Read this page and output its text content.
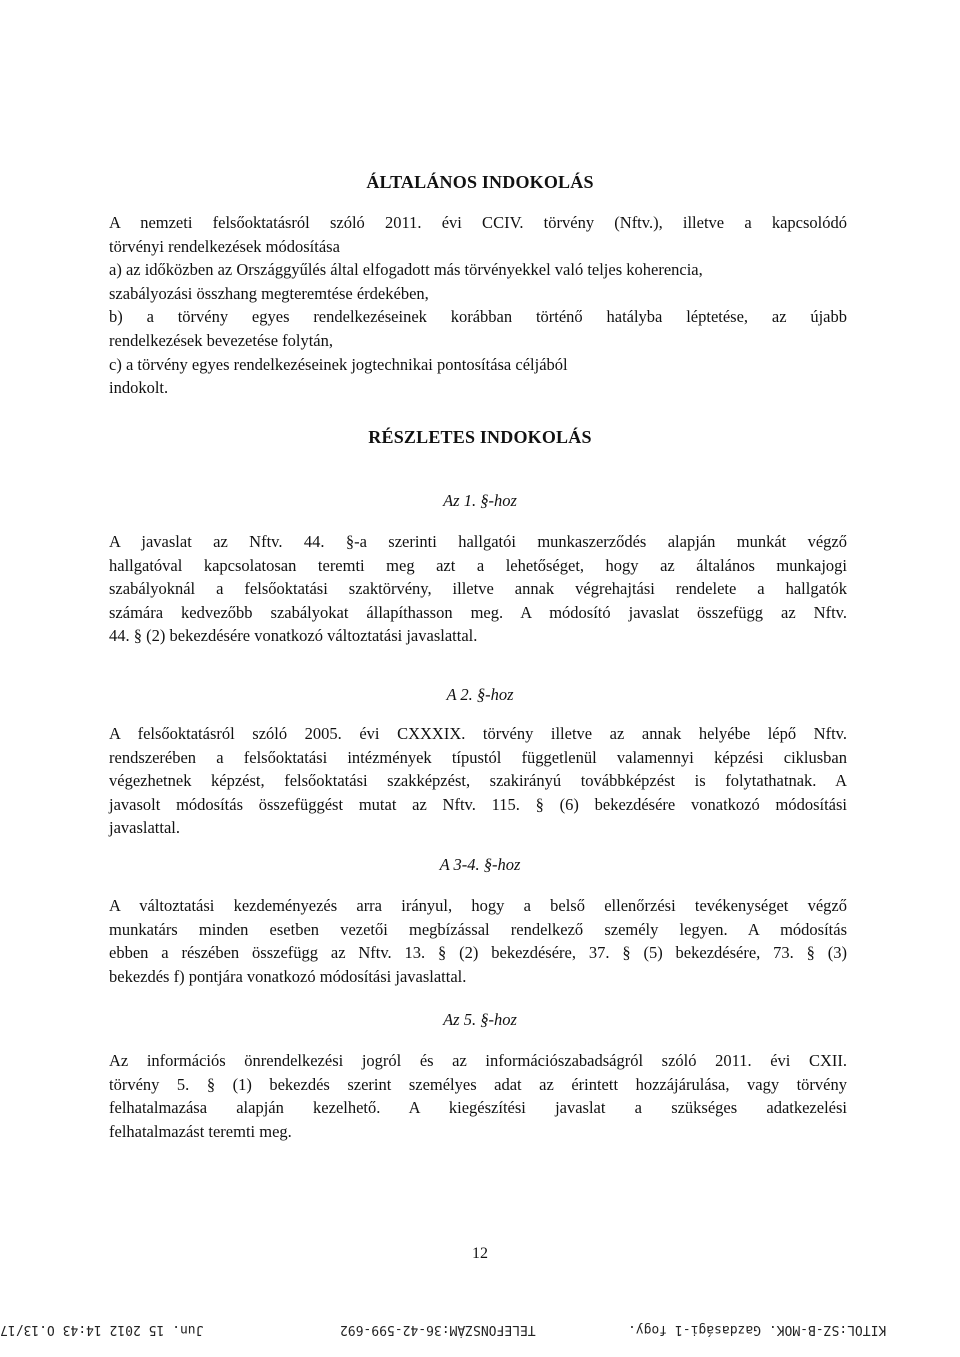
ÁLTALÁNOS INDOKOLÁS
A nemzeti felsőoktatásról szóló 2011. évi CCIV. törvény (Nftv.), illetve a kapcsolódó
törvényi rendelkezések módosítása
a) az időközben az Országgyűlés által elfogadott más törvényekkel való teljes koherencia,
szabályozási összhang megteremtése érdekében,
b) a törvény egyes rendelkezéseinek korábban történő hatályba léptetése, az újabb
rendelkezések bevezetése folytán,
c) a törvény egyes rendelkezéseinek jogtechnikai pontosítása céljából
indokolt.
RÉSZLETES INDOKOLÁS
Az 1. §-hoz
A javaslat az Nftv. 44. §-a szerinti hallgatói munkaszerződés alapján munkát végző
hallgatóval kapcsolatosan teremti meg azt a lehetőséget, hogy az általános munkajogi
szabályoknál a felsőoktatási szaktörvény, illetve annak végrehajtási rendelete a hallgatók
számára kedvezőbb szabályokat állapíthasson meg. A módosító javaslat összefügg az Nftv.
44. § (2) bekezdésére vonatkozó változtatási javaslattal.
A 2. §-hoz
A felsőoktatásról szóló 2005. évi CXXXIX. törvény illetve az annak helyébe lépő Nftv.
rendszerében a felsőoktatási intézmények típustól függetlenül valamennyi képzési ciklusban
végezhetnek képzést, felsőoktatási szakképzést, szakirányú továbbképzést is folytathatnak. A
javasolt módosítás összefüggést mutat az Nftv. 115. § (6) bekezdésére vonatkozó módosítási
javaslattal.
A 3-4. §-hoz
A változtatási kezdeményezés arra irányul, hogy a belső ellenőrzési tevékenységet végző
munkatárs minden esetben vezetői megbízással rendelkező személy legyen. A módosítás
ebben a részében összefügg az Nftv. 13. § (2) bekezdésére, 37. § (5) bekezdésére, 73. § (3)
bekezdés f) pontjára vonatkozó módosítási javaslattal.
Az 5. §-hoz
Az információs önrendelkezési jogról és az információszabadságról szóló 2011. évi CXII.
törvény 5. § (1) bekezdés szerint személyes adat az érintett hozzájárulása, vagy törvény
felhatalmazása alapján kezelhető. A kiegészítési javaslat a szükséges adatkezelési
felhatalmazást teremti meg.
12
Jun. 15 2012 14:43 O.13/17	TELEFONSZÁM:36-42-599-692	KITOL:SZ-B-MOK. Gazdasági-1 fogy.
